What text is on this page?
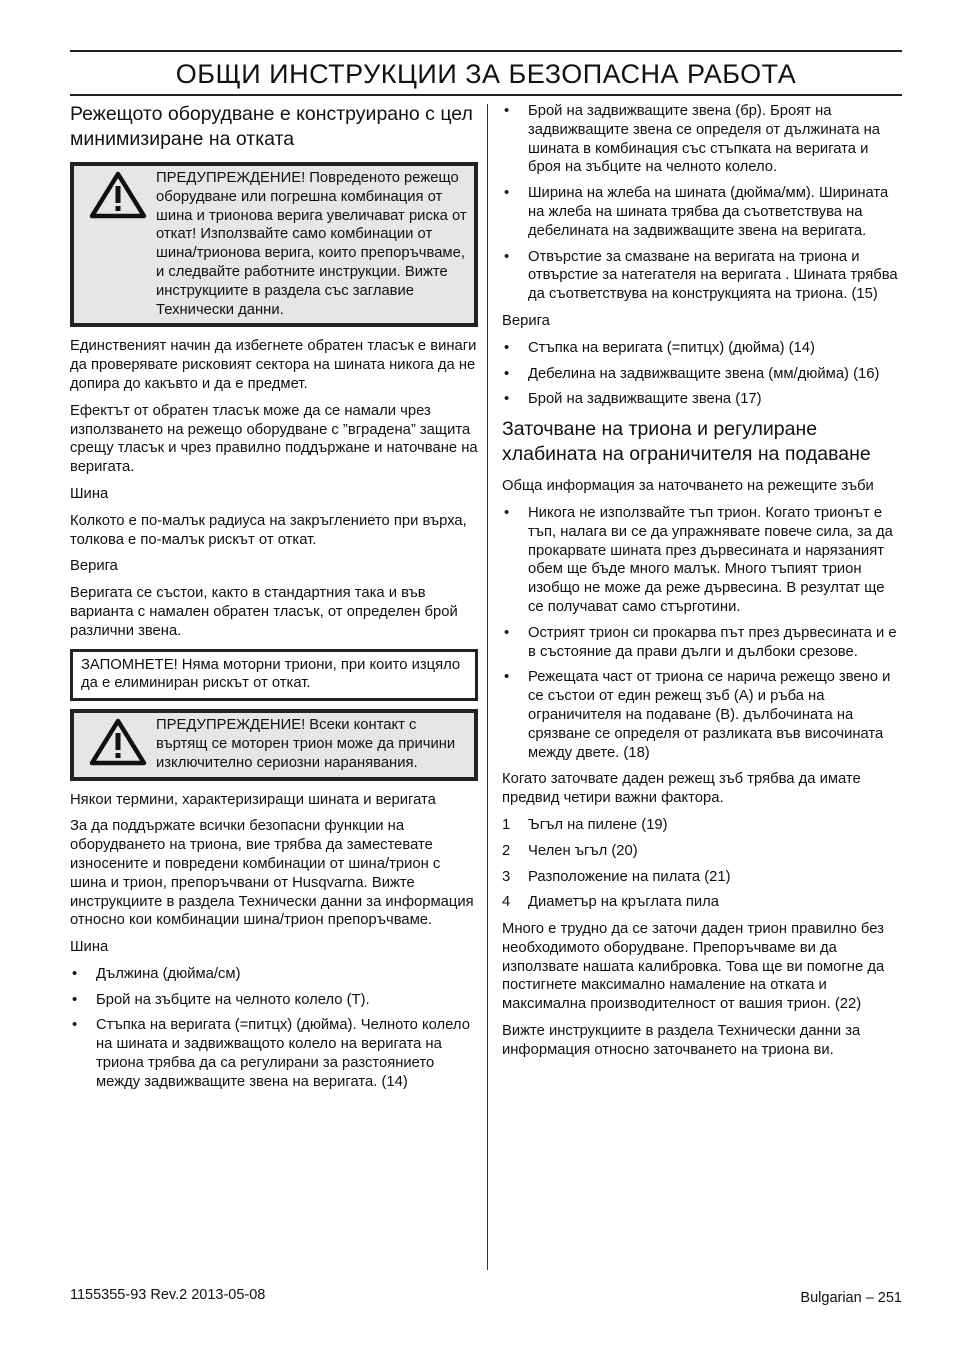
ОБЩИ ИНСТРУКЦИИ ЗА БЕЗОПАСНА РАБОТА
Режещото оборудване е конструирано с цел минимизиране на отката
ПРЕДУПРЕЖДЕНИЕ! Повреденото режещо оборудване или погрешна комбинация от шина и трионова верига увеличават риска от откат! Използвайте само комбинации от шина/трионова верига, които препоръчваме, и следвайте работните инструкции. Вижте инструкциите в раздела със заглавие Технически данни.

Единственият начин да избегнете обратен тласък е винаги да проверявате рисковият сектора на шината никога да не допира до какъвто и да е предмет.

Ефектът от обратен тласък може да се намали чрез използването на режещо оборудване с ”вградена” защита срещу тласък и чрез правилно поддържане и наточване на веригата.

Шина

Колкото е по-малък радиуса на закръглението при върха, толкова е по-малък рискът от откат.

Верига

Веригата се състои, както в стандартния така и във варианта с намален обратен тласък, от определен брой различни звена.

ЗАПОМНЕТЕ! Няма моторни триони, при които изцяло да е елиминиран рискът от откат.
ПРЕДУПРЕЖДЕНИЕ! Всеки контакт с въртящ се моторен трион може да причини изключително сериозни наранявания.

Някои термини, характеризиращи шината и веригата

За да поддържате всички безопасни функции на оборудването на триона, вие трябва да заместевате износените и повредени комбинации от шина/трион с шина и трион, препоръчвани от Husqvarna. Вижте инструкциите в раздела Технически данни за информация относно кои комбинации шина/трион препоръчваме.

Шина

• Дължина (дюйма/см)
• Брой на зъбците на челното колело (T).
• Стъпка на веригата (=питцх) (дюйма). Челното колело на шината и задвижващото колело на веригата на триона трябва да са регулирани за разстоянието между задвижващите звена на веригата. (14)
• Брой на задвижващите звена (бр). Броят на задвижващите звена се определя от дължината на шината в комбинация със стъпката на веригата и броя на зъбците на челното колело.
• Ширина на жлеба на шината (дюйма/мм). Ширината на жлеба на шината трябва да съответствува на дебелината на задвижващите звена на веригата.
• Отвърстие за смазване на веригата на триона и отвърстие за натегателя на веригата . Шината трябва да съответствува на конструкцията на триона. (15)

Верига

• Стъпка на веригата (=питцх) (дюйма) (14)
• Дебелина на задвижващите звена (мм/дюйма) (16)
• Брой на задвижващите звена (17)
Заточване на триона и регулиране хлабината на ограничителя на подаване

Обща информация за наточването на режещите зъби

• Никога не използвайте тъп трион. Когато трионът е тъп, налага ви се да упражнявате повече сила, за да прокарвате шината през дървесината и нарязаният обем ще бъде много малък. Много тъпият трион изобщо не може да реже дървесина. В резултат ще се получават само стърготини.
• Острият трион си прокарва път през дървесината и е в състояние да прави дълги и дълбоки срезове.
• Режещата част от триона се нарича режещо звено и се състои от един режещ зъб (A) и ръба на ограничителя на подаване (B). дълбочината на срязване се определя от разликата във височината между двете. (18)

Когато заточвате даден режещ зъб трябва да имате предвид четири важни фактора.

1 Ъгъл на пилене (19)
2 Челен ъгъл (20)
3 Разположение на пилата (21)
4 Диаметър на кръглата пила

Много е трудно да се заточи даден трион правилно без необходимото оборудване. Препоръчваме ви да използвате нашата калибровка. Това ще ви помогне да постигнете максимално намаление на отката и максимална производителност от вашия трион. (22)

Вижте инструкциите в раздела Технически данни за информация относно заточването на триона ви.

1155355-93 Rev.2 2013-05-08	Bulgarian – 251
